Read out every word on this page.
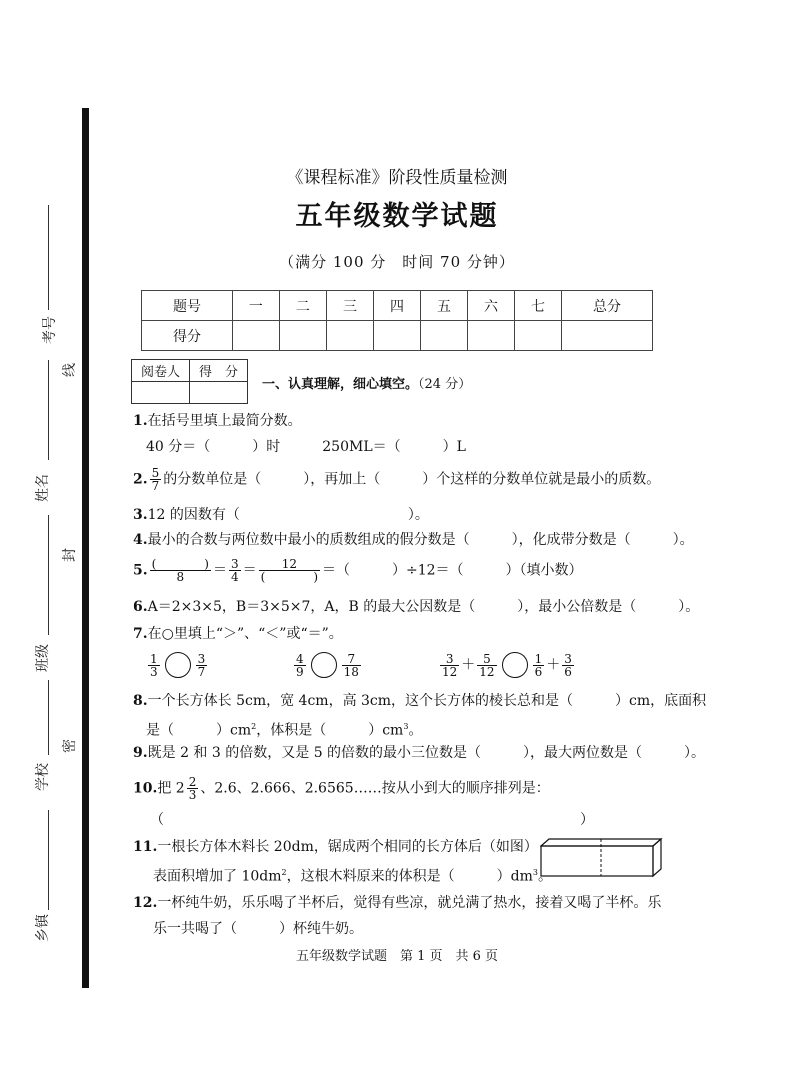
考号
线
姓名
封
班级
密
学校
乡镇
《课程标准》阶段性质量检测
五年级数学试题
（满分 100 分　时间 70 分钟）
题号	一	二	三	四	五	六	七	总分
得分								
阅卷人	得　分

一、认真理解，细心填空。（24 分）
1.在括号里填上最简分数。
40 分＝（　　　）时　　　250ML＝（　　　）L
2. $\frac{5}{7}$ 的分数单位是（　　　），再加上（　　　）个这样的分数单位就是最小的质数。
3.12 的因数有（　　　　　　　　　　　　）。
4.最小的合数与两位数中最小的质数组成的假分数是（　　　），化成带分数是（　　　）。
5. $\frac{( )}{8} = \frac{3}{4} = \frac{12}{( )}$ ＝（　　　）÷12＝（　　　）（填小数）
6.A＝2×3×5，B＝3×5×7，A，B 的最大公因数是（　　　），最小公倍数是（　　　）。
7.在○里填上“＞”、“＜”或“＝”。
$\frac{1}{3}$	$\frac{3}{7}$	$\frac{4}{9}$	$\frac{7}{18}$	$\frac{3}{12} + \frac{5}{12}$	$\frac{1}{6} + \frac{3}{6}$
8.一个长方体长 5cm，宽 4cm，高 3cm，这个长方体的棱长总和是（　　　）cm，底面积
是（　　　）$cm^2$，体积是（　　　）$cm^3$。
9.既是 2 和 3 的倍数，又是 5 的倍数的最小三位数是（　　　），最大两位数是（　　　）。
10.把 $2 \frac{2}{3}$ 、2.6、2.666、2.6565……按从小到大的顺序排列是：
（	）
11.一根长方体木料长 20dm，锯成两个相同的长方体后（如图）
表面积增加了 $10dm^2$，这根木料原来的体积是（　　　）$dm^3$。
12.一杯纯牛奶，乐乐喝了半杯后，觉得有些凉，就兑满了热水，接着又喝了半杯。乐
乐一共喝了（　　　）杯纯牛奶。
五年级数学试题　第 1 页　共 6 页
